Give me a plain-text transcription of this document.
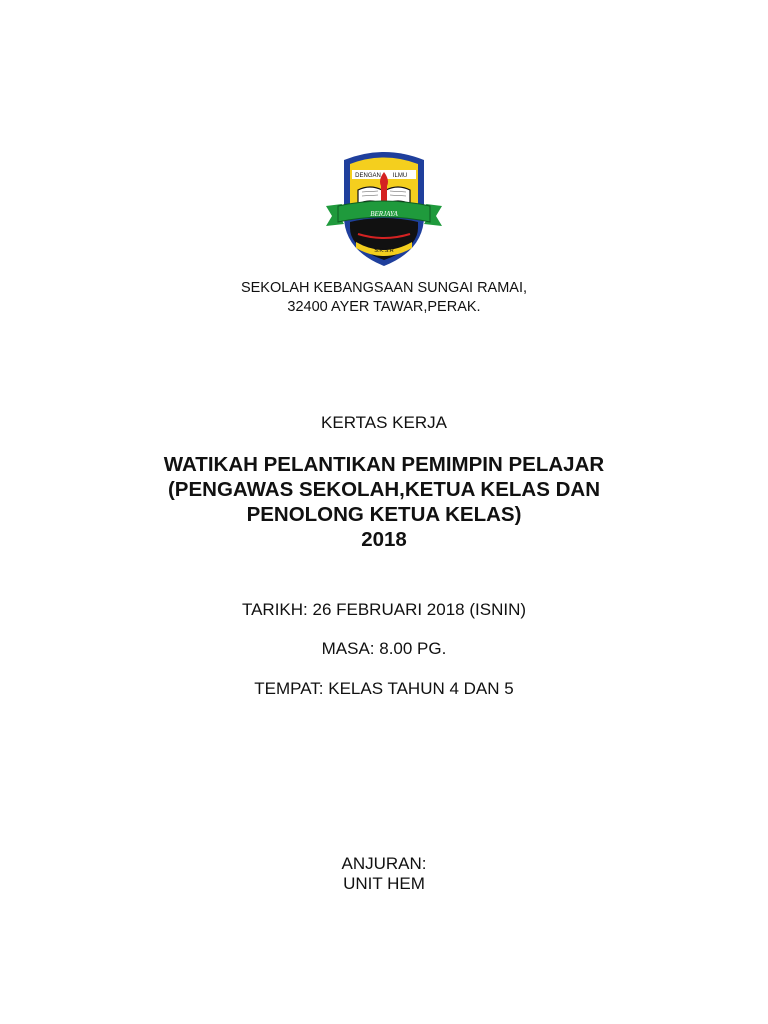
DENGAN ILMU
BERJAYA
S.K.S.R
SEKOLAH KEBANGSAAN SUNGAI RAMAI,
32400 AYER TAWAR,PERAK.
KERTAS KERJA
WATIKAH PELANTIKAN PEMIMPIN PELAJAR
(PENGAWAS SEKOLAH,KETUA KELAS DAN
PENOLONG KETUA KELAS)
2018
TARIKH: 26 FEBRUARI 2018 (ISNIN)
MASA: 8.00 PG.
TEMPAT: KELAS TAHUN 4 DAN 5
ANJURAN:
UNIT HEM
